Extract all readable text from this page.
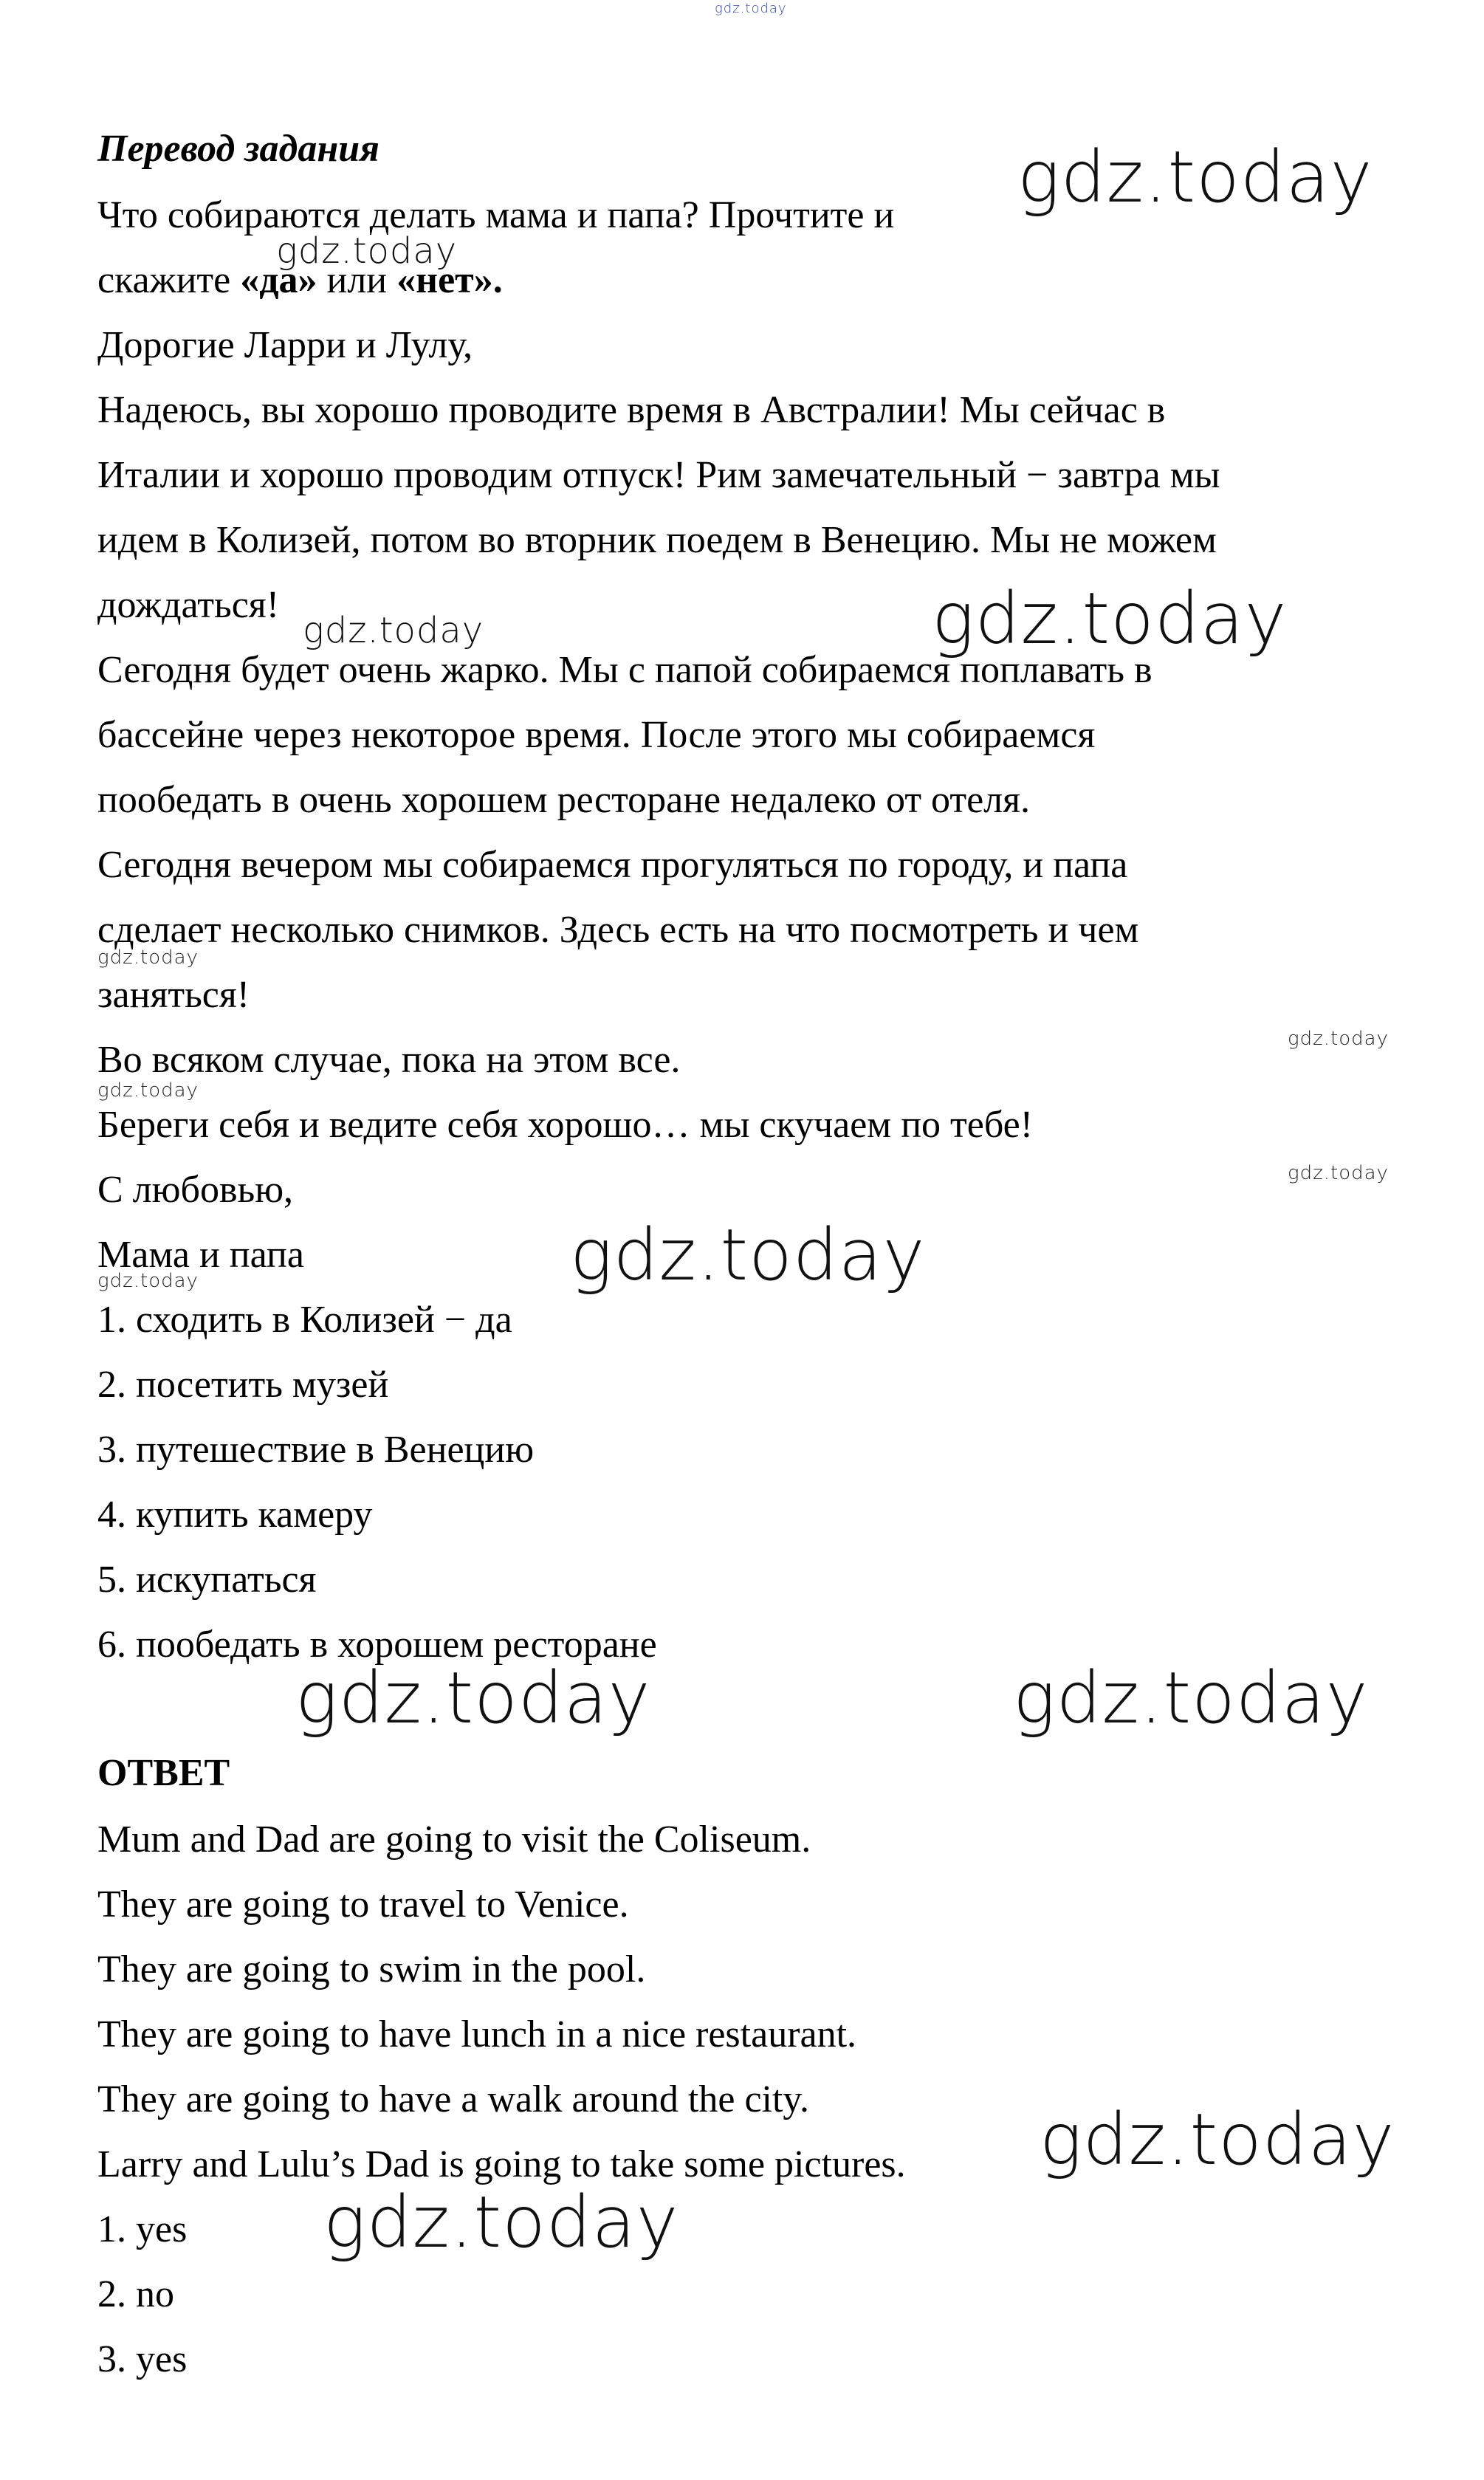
Перевод задания
Что собираются делать мама и папа? Прочтите и
скажите «да» или «нет».
Дорогие Ларри и Лулу,
Надеюсь, вы хорошо проводите время в Австралии! Мы сейчас в
Италии и хорошо проводим отпуск! Рим замечательный − завтра мы
идем в Колизей, потом во вторник поедем в Венецию. Мы не можем
дождаться!
Сегодня будет очень жарко. Мы с папой собираемся поплавать в
бассейне через некоторое время. После этого мы собираемся
пообедать в очень хорошем ресторане недалеко от отеля.
Сегодня вечером мы собираемся прогуляться по городу, и папа
сделает несколько снимков. Здесь есть на что посмотреть и чем
заняться!
Во всяком случае, пока на этом все.
Береги себя и ведите себя хорошо… мы скучаем по тебе!
С любовью,
Мама и папа
1. сходить в Колизей − да
2. посетить музей
3. путешествие в Венецию
4. купить камеру
5. искупаться
6. пообедать в хорошем ресторане
ОТВЕТ
Mum and Dad are going to visit the Coliseum.
They are going to travel to Venice.
They are going to swim in the pool.
They are going to have lunch in a nice restaurant.
They are going to have a walk around the city.
Larry and Lulu’s Dad is going to take some pictures.
1. yes
2. no
3. yes
gdz.today
gdz.today
gdz.today
gdz.today	gdz.today
gdz.today
gdz.today
gdz.today
gdz.today
gdz.today
gdz.today
gdz.today	gdz.today
gdz.today
gdz.today
